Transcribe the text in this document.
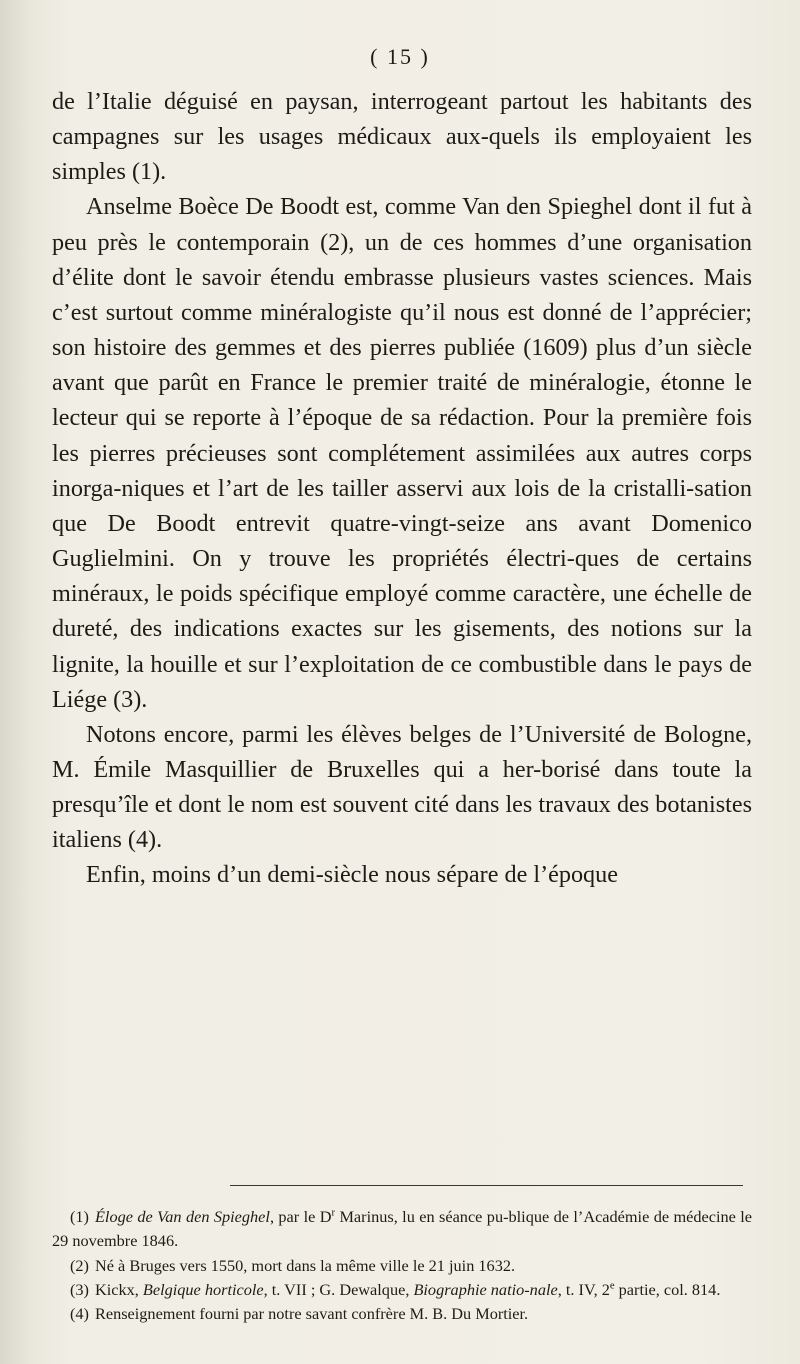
( 15 )

de l’Italie déguisé en paysan, interrogeant partout les habitants des campagnes sur les usages médicaux aux-quels ils employaient les simples (1).

Anselme Boèce De Boodt est, comme Van den Spieghel dont il fut à peu près le contemporain (2), un de ces hommes d’une organisation d’élite dont le savoir étendu embrasse plusieurs vastes sciences. Mais c’est surtout comme minéralogiste qu’il nous est donné de l’apprécier; son histoire des gemmes et des pierres publiée (1609) plus d’un siècle avant que parût en France le premier traité de minéralogie, étonne le lecteur qui se reporte à l’époque de sa rédaction. Pour la première fois les pierres précieuses sont complétement assimilées aux autres corps inorga-niques et l’art de les tailler asservi aux lois de la cristalli-sation que De Boodt entrevit quatre-vingt-seize ans avant Domenico Guglielmini. On y trouve les propriétés électri-ques de certains minéraux, le poids spécifique employé comme caractère, une échelle de dureté, des indications exactes sur les gisements, des notions sur la lignite, la houille et sur l’exploitation de ce combustible dans le pays de Liége (3).

Notons encore, parmi les élèves belges de l’Université de Bologne, M. Émile Masquillier de Bruxelles qui a her-borisé dans toute la presqu’île et dont le nom est souvent cité dans les travaux des botanistes italiens (4).

Enfin, moins d’un demi-siècle nous sépare de l’époque

(1) Éloge de Van den Spieghel, par le $D^r$ Marinus, lu en séance pu-blique de l’Académie de médecine le 29 novembre 1846.

(2) Né à Bruges vers 1550, mort dans la même ville le 21 juin 1632.

(3) Kickx, Belgique horticole, t. VII ; G. Dewalque, Biographie natio-nale, t. IV, 2e partie, col. 814.

(4) Renseignement fourni par notre savant confrère M. B. Du Mortier.
